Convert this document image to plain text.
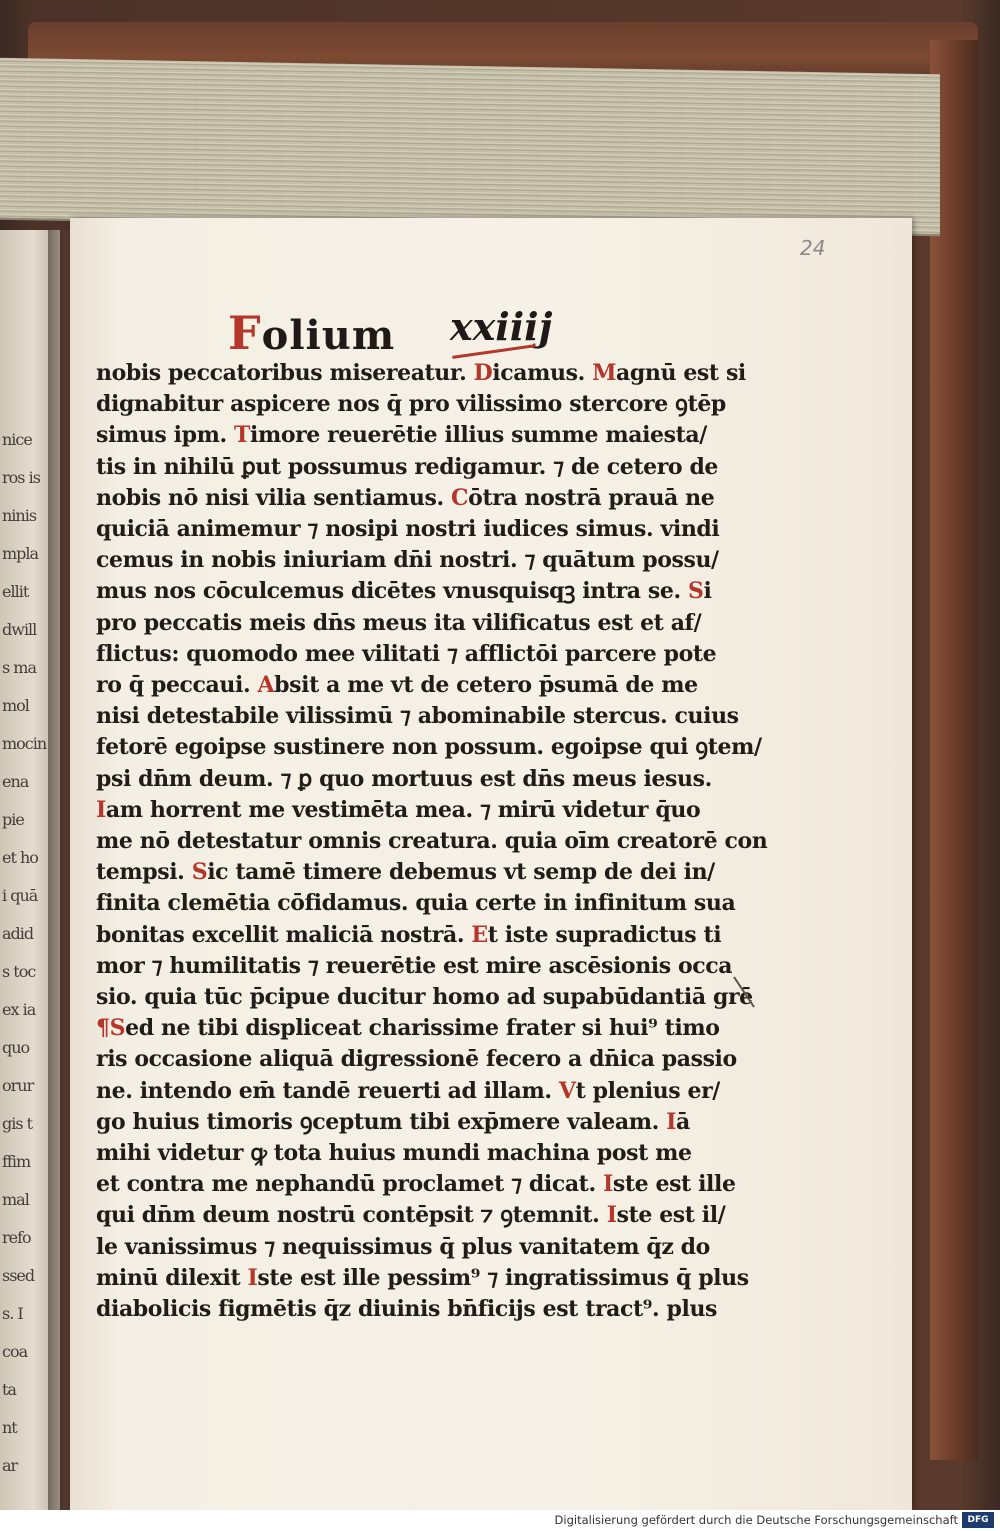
nice
ros is
ninis
mpla
ellit
dwill
s ma
mol
mocin
ena
pie
et ho
i quā
adid
s toc
ex ia
quo
orur
gis t
ffim
mal
refo
ssed
s. I
coa
ta
nt
ar
24
Folium xxiiij
nobis peccatoribus misereatur. Dicamus. Magnū est si
dignabitur aspicere nos q̄ pro vilissimo stercore ꝯtēp
simus ipm. Timore reuerētie illius summe maiesta/
tis in nihilū ꝑut possumus redigamur. ⁊ de cetero de
nobis nō nisi vilia sentiamus. Cōtra nostrā prauā ne
quiciā animemur ⁊ nosipi nostri iudices simus. vindi
cemus in nobis iniuriam dn̄i nostri. ⁊ quātum possu/
mus nos cōculcemus dicētes vnusquisqꝫ intra se. Si
pro peccatis meis dn̄s meus ita vilificatus est et af/
flictus: quomodo mee vilitati ⁊ afflictōi parcere pote
ro q̄ peccaui. Absit a me vt de cetero p̄sumā de me
nisi detestabile vilissimū ⁊ abominabile stercus. cuius
fetorē egoipse sustinere non possum. egoipse qui ꝯtem/
psi dn̄m deum. ⁊ ꝑ quo mortuus est dn̄s meus iesus.
Iam horrent me vestimēta mea. ⁊ mirū videtur q̄uo
me nō detestatur omnis creatura. quia oīm creatorē con
tempsi. Sic tamē timere debemus vt semp de dei in/
finita clemētia cōfidamus. quia certe in infinitum sua
bonitas excellit maliciā nostrā. Et iste supradictus ti
mor ⁊ humilitatis ⁊ reuerētie est mire ascēsionis occa
sio. quia tūc p̄cipue ducitur homo ad supabūdantiā grē
¶Sed ne tibi displiceat charissime frater si hui⁹ timo
ris occasione aliquā digressionē fecero a dn̄ica passio
ne. intendo em̄ tandē reuerti ad illam. Vt plenius er/
go huius timoris ꝯceptum tibi exp̄mere valeam. Iā
mihi videtur ꝙ tota huius mundi machina post me
et contra me nephandū proclamet ⁊ dicat. Iste est ille
qui dn̄m deum nostrū contēpsit ⁊ ꝯtemnit. Iste est il/
le vanissimus ⁊ nequissimus q̄ plus vanitatem q̄z do
minū dilexit Iste est ille pessim⁹ ⁊ ingratissimus q̄ plus
diabolicis figmētis q̄z diuinis bn̄ficijs est tract⁹. plus
Digitalisierung gefördert durch die Deutsche Forschungsgemeinschaft	DFG
